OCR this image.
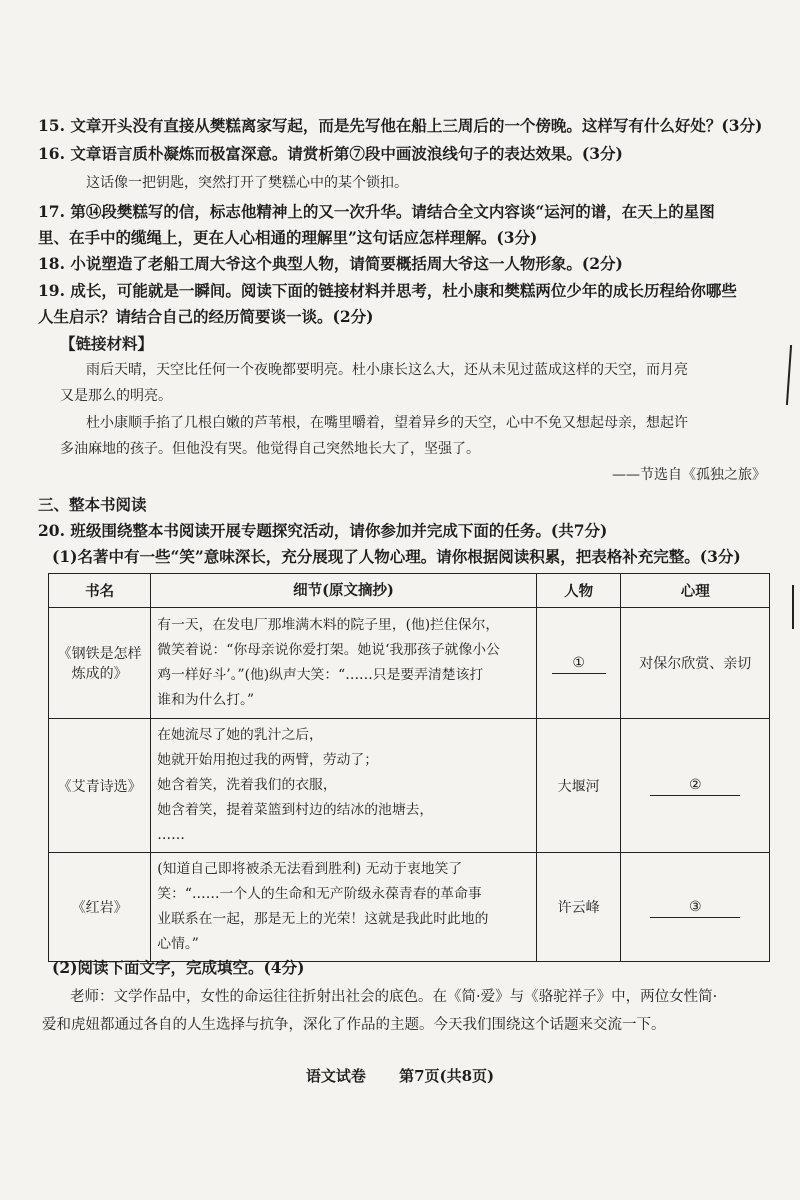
15. 文章开头没有直接从樊糕离家写起，而是先写他在船上三周后的一个傍晚。这样写有什么好处？(3分)
16. 文章语言质朴凝炼而极富深意。请赏析第⑦段中画波浪线句子的表达效果。(3分)
这话像一把钥匙，突然打开了樊糕心中的某个锁扣。
17. 第⑭段樊糕写的信，标志他精神上的又一次升华。请结合全文内容谈“运河的谱，在天上的星图
里、在手中的缆绳上，更在人心相通的理解里”这句话应怎样理解。(3分)
18. 小说塑造了老船工周大爷这个典型人物，请简要概括周大爷这一人物形象。(2分)
19. 成长，可能就是一瞬间。阅读下面的链接材料并思考，杜小康和樊糕两位少年的成长历程给你哪些
人生启示？请结合自己的经历简要谈一谈。(2分)
【链接材料】
雨后天晴，天空比任何一个夜晚都要明亮。杜小康长这么大，还从未见过蓝成这样的天空，而月亮
又是那么的明亮。
杜小康顺手掐了几根白嫩的芦苇根，在嘴里嚼着，望着异乡的天空，心中不免又想起母亲，想起许
多油麻地的孩子。但他没有哭。他觉得自己突然地长大了，坚强了。
——节选自《孤独之旅》
三、整本书阅读
20. 班级围绕整本书阅读开展专题探究活动，请你参加并完成下面的任务。(共7分)
(1)名著中有一些“笑”意味深长，充分展现了人物心理。请你根据阅读积累，把表格补充完整。(3分)
书名	细节(原文摘抄)	人物	心理
《钢铁是怎样炼成的》	有一天，在发电厂那堆满木料的院子里，(他)拦住保尔，
微笑着说：“你母亲说你爱打架。她说‘我那孩子就像小公
鸡一样好斗’。”(他)纵声大笑：“……只是要弄清楚该打
谁和为什么打。”	①	对保尔欣赏、亲切
《艾青诗选》	在她流尽了她的乳汁之后，
她就开始用抱过我的两臂，劳动了；
她含着笑，洗着我们的衣服，
她含着笑，提着菜篮到村边的结冰的池塘去，
……	大堰河	②
《红岩》	(知道自己即将被杀无法看到胜利) 无动于衷地笑了
笑：“……一个人的生命和无产阶级永葆青春的革命事
业联系在一起，那是无上的光荣！这就是我此时此地的
心情。”	许云峰	③
(2)阅读下面文字，完成填空。(4分)
老师：文学作品中，女性的命运往往折射出社会的底色。在《简·爱》与《骆驼祥子》中，两位女性简·
爱和虎妞都通过各自的人生选择与抗争，深化了作品的主题。今天我们围绕这个话题来交流一下。
语文试卷 第7页(共8页)
